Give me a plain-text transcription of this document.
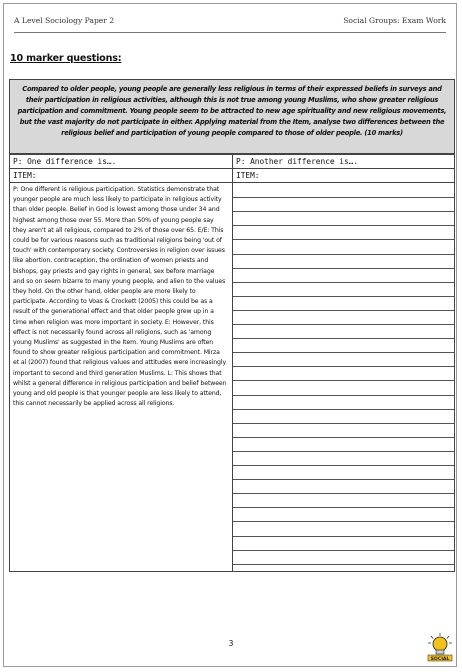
A Level Sociology Paper 2	Social Groups: Exam Work
10 marker questions:
Compared to older people, young people are generally less religious in terms of their expressed beliefs in surveys and their participation in religious activities, although this is not true among young Muslims, who show greater religious participation and commitment. Young people seem to be attracted to new age spirituality and new religious movements, but the vast majority do not participate in either. Applying material from the Item, analyse two differences between the religious belief and participation of young people compared to those of older people. (10 marks)
P: One difference is….
ITEM:
P: One different is religious participation. Statistics demonstrate that younger people are much less likely to participate in religious activity than older people. Belief in God is lowest among those under 34 and highest among those over 55. More than 50% of young people say they aren't at all religious, compared to 2% of those over 65. E/E: This could be for various reasons such as traditional religions being 'out of touch' with contemporary society. Controversies in religion over issues like abortion, contraception, the ordination of women priests and bishops, gay priests and gay rights in general, sex before marriage and so on seem bizarre to many young people, and alien to the values they hold. On the other hand, older people are more likely to participate. According to Voas & Crockett (2005) this could be as a result of the generational effect and that older people grew up in a time when religion was more important in society. E: However, this effect is not necessarily found across all religions, such as 'among young Muslims' as suggested in the Item. Young Muslims are often found to show greater religious participation and commitment. Mirza et al (2007) found that religious values and attitudes were increasingly important to second and third generation Muslims. L: This shows that whilst a general difference in religious participation and belief between young and old people is that younger people are less likely to attend, this cannot necessarily be applied across all religions.
P: Another difference is….
ITEM:
3
SOCIAL
